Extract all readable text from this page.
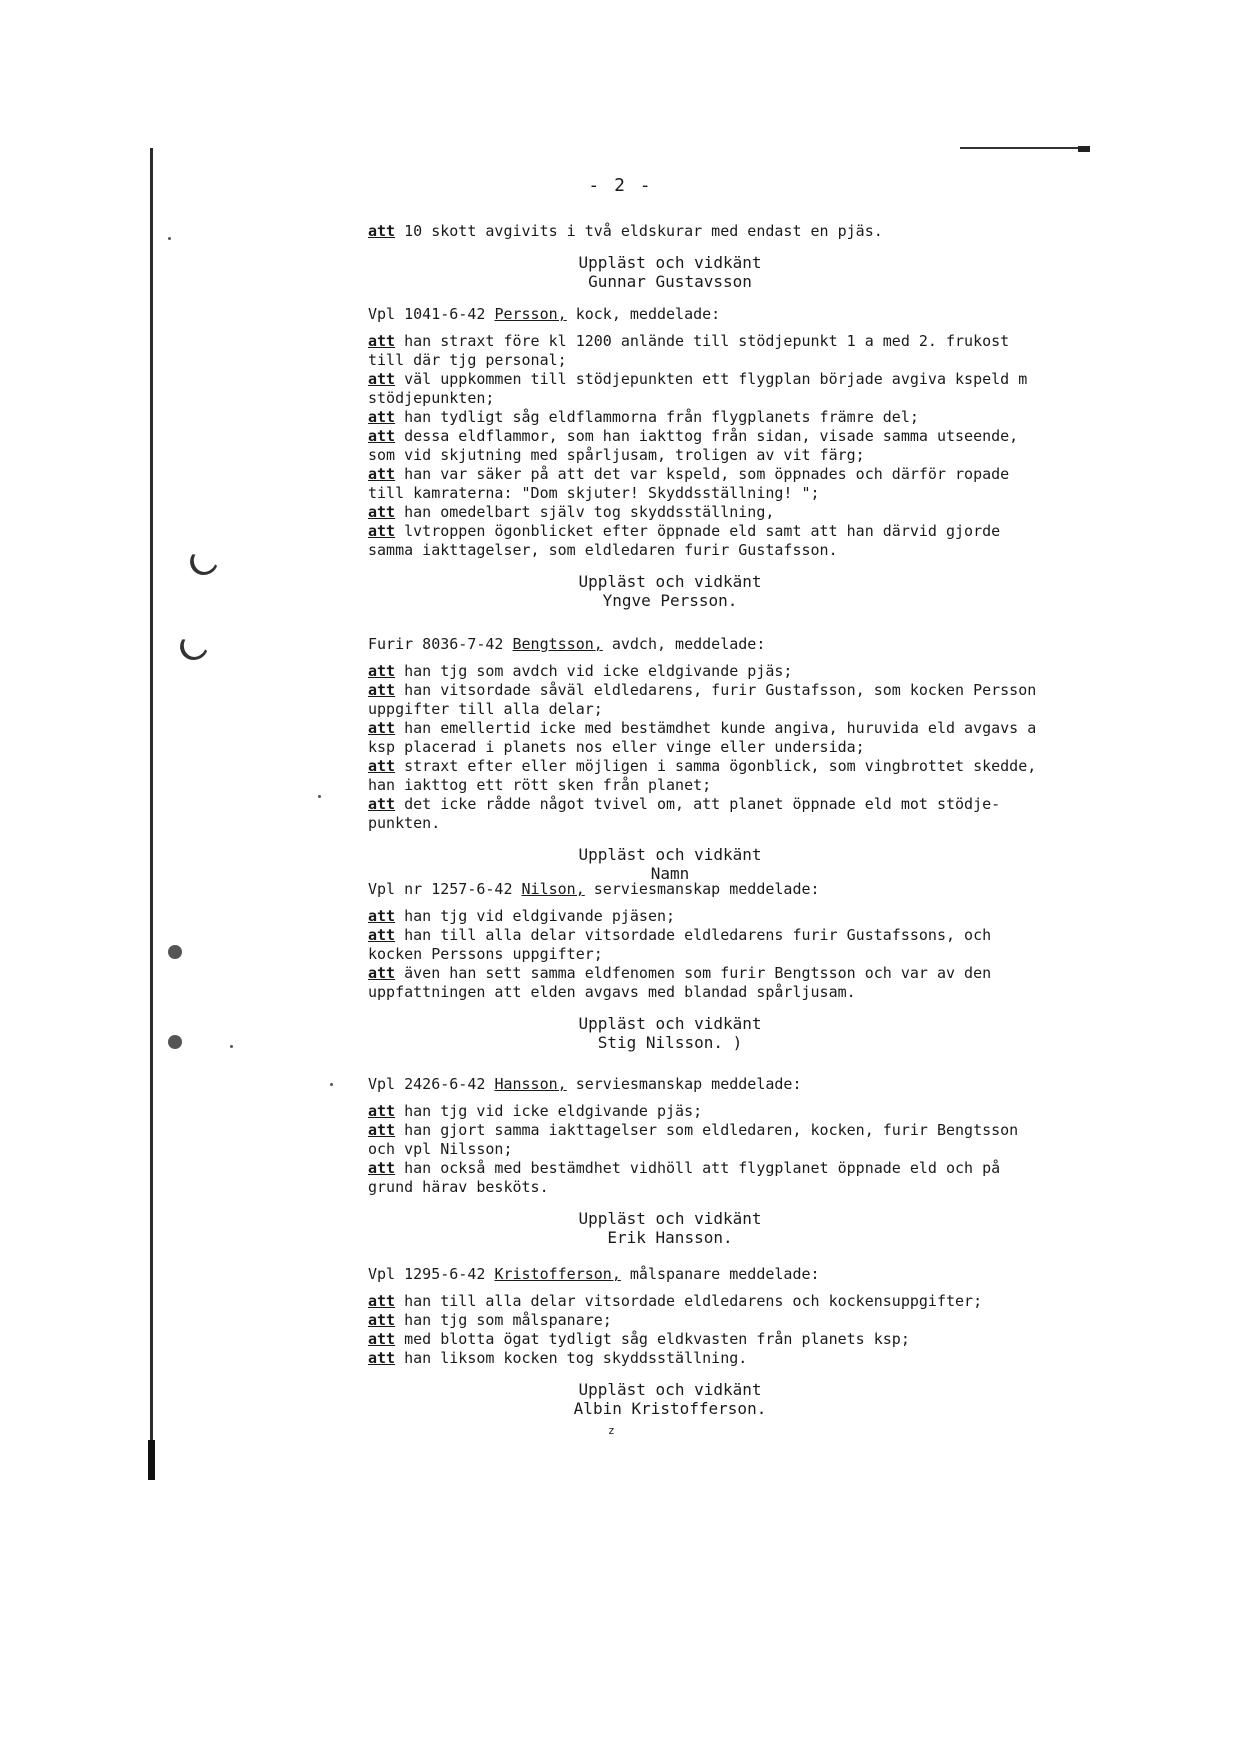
- 2 -
att 10 skott avgivits i två eldskurar med endast en pjäs.
Uppläst och vidkänt
Gunnar Gustavsson
Vpl 1041-6-42 Persson, kock, meddelade:
att han straxt före kl 1200 anlände till stödjepunkt 1 a med 2. frukost
till där tjg personal;
att väl uppkommen till stödjepunkten ett flygplan började avgiva kspeld m
stödjepunkten;
att han tydligt såg eldflammorna från flygplanets främre del;
att dessa eldflammor, som han iakttog från sidan, visade samma utseende,
som vid skjutning med spårljusam, troligen av vit färg;
att han var säker på att det var kspeld, som öppnades och därför ropade
till kamraterna: "Dom skjuter! Skyddsställning! ";
att han omedelbart själv tog skyddsställning,
att lvtroppen ögonblicket efter öppnade eld samt att han därvid gjorde
samma iakttagelser, som eldledaren furir Gustafsson.
Uppläst och vidkänt
Yngve Persson.
Furir 8036-7-42 Bengtsson, avdch, meddelade:
att han tjg som avdch vid icke eldgivande pjäs;
att han vitsordade såväl eldledarens, furir Gustafsson, som kocken Persson
uppgifter till alla delar;
att han emellertid icke med bestämdhet kunde angiva, huruvida eld avgavs a
ksp placerad i planets nos eller vinge eller undersida;
att straxt efter eller möjligen i samma ögonblick, som vingbrottet skedde,
han iakttog ett rött sken från planet;
att det icke rådde något tvivel om, att planet öppnade eld mot stödje-
punkten.
Uppläst och vidkänt
Namn
Vpl nr 1257-6-42 Nilson, serviesmanskap meddelade:
att han tjg vid eldgivande pjäsen;
att han till alla delar vitsordade eldledarens furir Gustafssons, och
kocken Perssons uppgifter;
att även han sett samma eldfenomen som furir Bengtsson och var av den
uppfattningen att elden avgavs med blandad spårljusam.
Uppläst och vidkänt
Stig Nilsson. )
Vpl 2426-6-42 Hansson, serviesmanskap meddelade:
att han tjg vid icke eldgivande pjäs;
att han gjort samma iakttagelser som eldledaren, kocken, furir Bengtsson
och vpl Nilsson;
att han också med bestämdhet vidhöll att flygplanet öppnade eld och på
grund härav besköts.
Uppläst och vidkänt
Erik Hansson.
Vpl 1295-6-42 Kristofferson, målspanare meddelade:
att han till alla delar vitsordade eldledarens och kockensuppgifter;
att han tjg som målspanare;
att med blotta ögat tydligt såg eldkvasten från planets ksp;
att han liksom kocken tog skyddsställning.
Uppläst och vidkänt
Albin Kristofferson.
z
